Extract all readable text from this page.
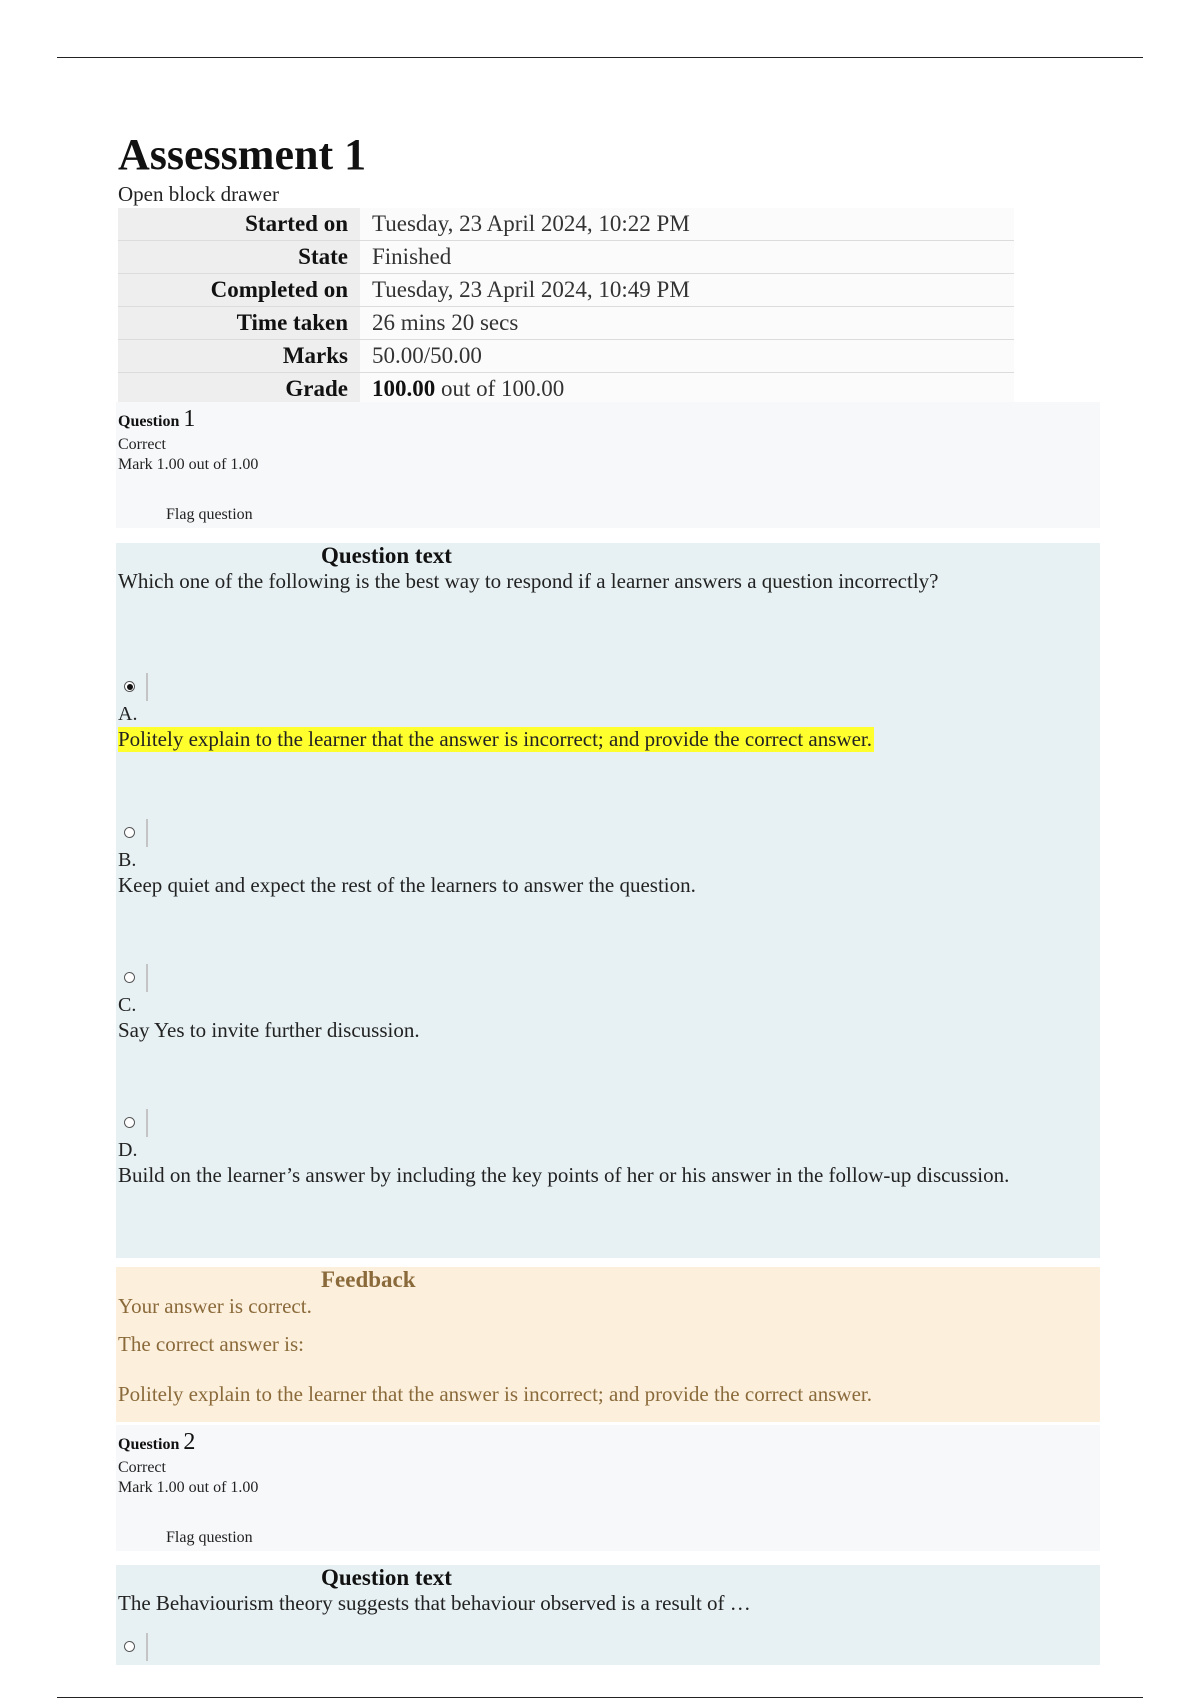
Assessment 1
Open block drawer
Started on	Tuesday, 23 April 2024, 10:22 PM
State	Finished
Completed on	Tuesday, 23 April 2024, 10:49 PM
Time taken	26 mins 20 secs
Marks	50.00/50.00
Grade	100.00 out of 100.00
Question 1
Correct
Mark 1.00 out of 1.00
Flag question
Question text
Which one of the following is the best way to respond if a learner answers a question incorrectly?
A.
Politely explain to the learner that the answer is incorrect; and provide the correct answer.
B.
Keep quiet and expect the rest of the learners to answer the question.
C.
Say Yes to invite further discussion.
D.
Build on the learner’s answer by including the key points of her or his answer in the follow-up discussion.
Feedback
Your answer is correct.
The correct answer is:
Politely explain to the learner that the answer is incorrect; and provide the correct answer.
Question 2
Correct
Mark 1.00 out of 1.00
Flag question
Question text
The Behaviourism theory suggests that behaviour observed is a result of …
